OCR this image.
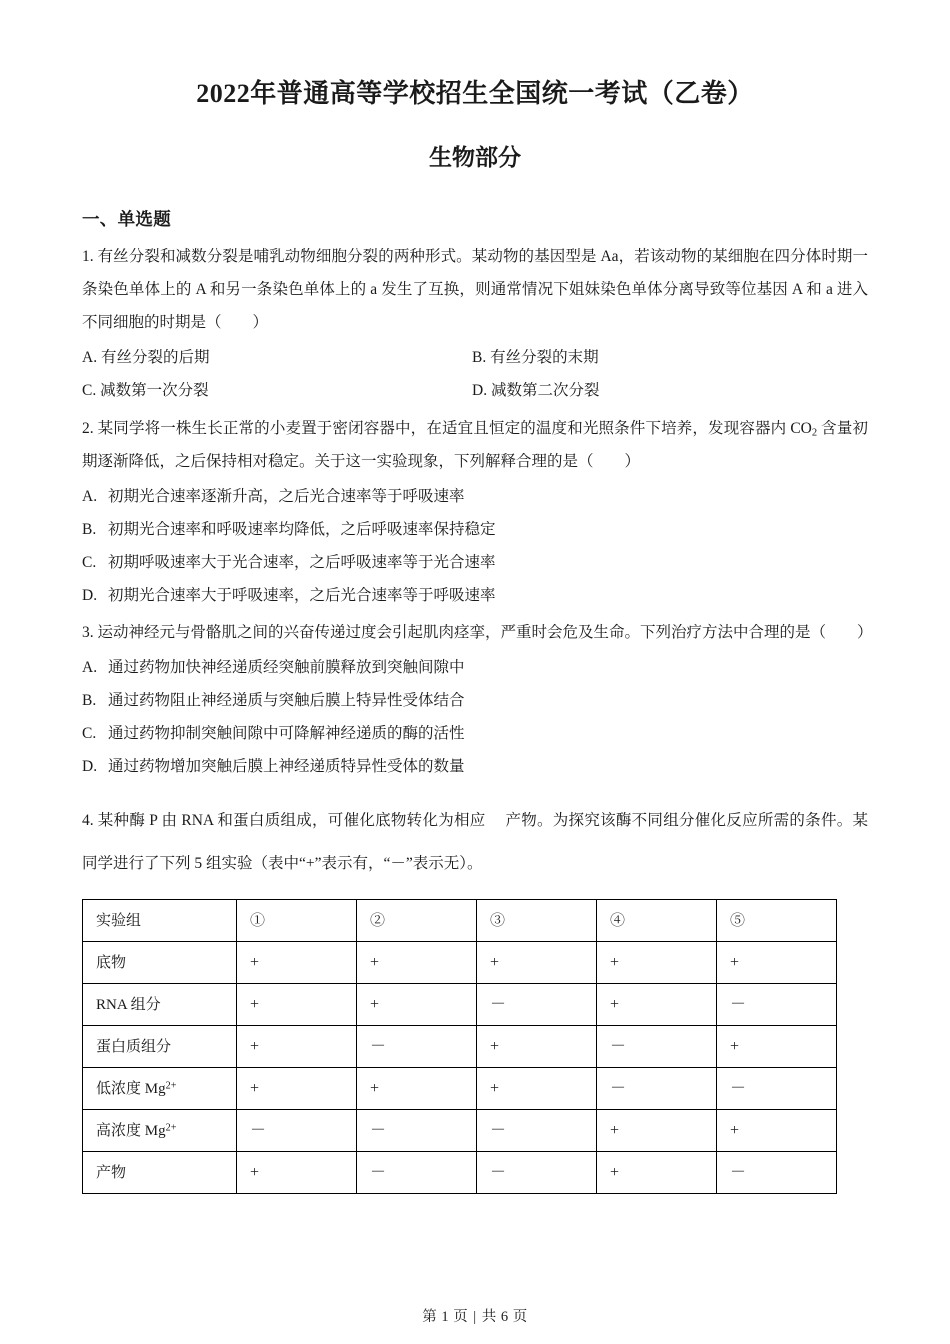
2022年普通高等学校招生全国统一考试（乙卷）
生物部分
一、单选题

1. 有丝分裂和减数分裂是哺乳动物细胞分裂的两种形式。某动物的基因型是 Aa，若该动物的某细胞在四分体时期一条染色单体上的 A 和另一条染色单体上的 a 发生了互换，则通常情况下姐妹染色单体分离导致等位基因 A 和 a 进入不同细胞的时期是（　　）

A. 有丝分裂的后期	B. 有丝分裂的末期
C. 减数第一次分裂	D. 减数第二次分裂

2. 某同学将一株生长正常的小麦置于密闭容器中，在适宜且恒定的温度和光照条件下培养，发现容器内 $CO_2$ 含量初期逐渐降低，之后保持相对稳定。关于这一实验现象，下列解释合理的是（　　）

A. 初期光合速率逐渐升高，之后光合速率等于呼吸速率
B. 初期光合速率和呼吸速率均降低，之后呼吸速率保持稳定
C. 初期呼吸速率大于光合速率，之后呼吸速率等于光合速率
D. 初期光合速率大于呼吸速率，之后光合速率等于呼吸速率

3. 运动神经元与骨骼肌之间的兴奋传递过度会引起肌肉痉挛，严重时会危及生命。下列治疗方法中合理的是（　　）

A. 通过药物加快神经递质经突触前膜释放到突触间隙中
B. 通过药物阻止神经递质与突触后膜上特异性受体结合
C. 通过药物抑制突触间隙中可降解神经递质的酶的活性
D. 通过药物增加突触后膜上神经递质特异性受体的数量

4. 某种酶 P 由 RNA 和蛋白质组成，可催化底物转化为相应　 产物。为探究该酶不同组分催化反应所需的条件。某同学进行了下列 5 组实验（表中“+”表示有，“－”表示无）。

实验组	①	②	③	④	⑤
底物	+	+	+	+	+
RNA 组分	+	+	－	+	－
蛋白质组分	+	－	+	－	+
低浓度 $Mg^{2+}$	+	+	+	－	－
高浓度 $Mg^{2+}$	－	－	－	+	+
产物	+	－	－	+	－
第 1 页 | 共 6 页
